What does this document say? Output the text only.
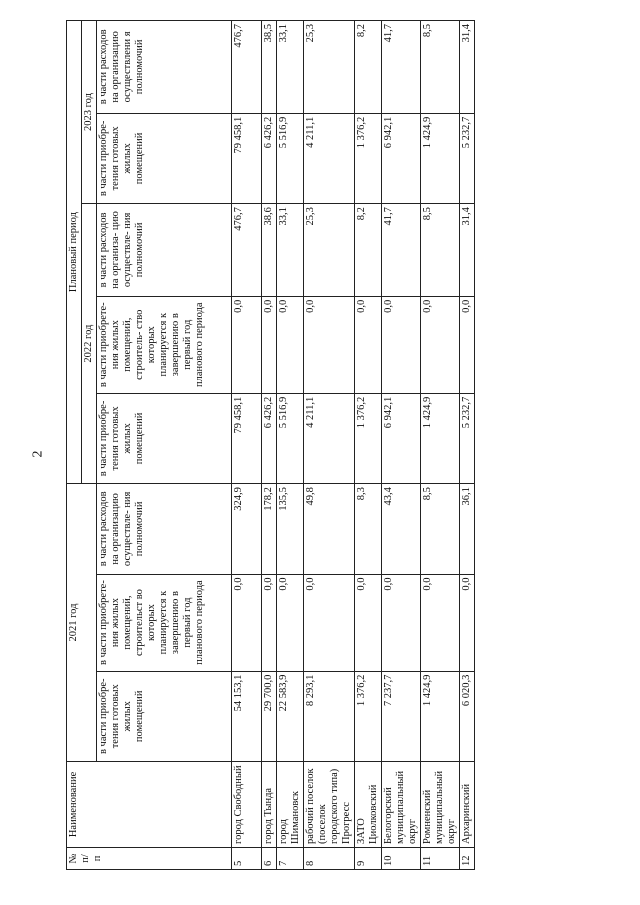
2
№ п/ п	Наименование	2021 год			Плановый период				
					2022 год			2023 год	
		в части приобре- тения готовых жилых помещений	в части приобрете- ния жилых помещений, строительст во которых планируется к завершению в первый год планового периода	в части расходов на организацию осуществле- ния полномочий	в части приобре- тения готовых жилых помещений	в части приобрете- ния жилых помещений, строитель- ство которых планируется к завершению в первый год планового периода	в части расходов на организа- цию осуществле- ния полномочий	в части приобре- тения готовых жилых помещений	в части расходов на организацию осуществлени я полномочий
5	город Свободный	54 153,1	0,0	324,9	79 458,1	0,0	476,7	79 458,1	476,7
6	город Тында	29 700,0	0,0	178,2	6 426,2	0,0	38,6	6 426,2	38,5
7	город Шимановск	22 583,9	0,0	135,5	5 516,9	0,0	33,1	5 516,9	33,1
8	рабочий поселок (поселок городского типа) Прогресс	8 293,1	0,0	49,8	4 211,1	0,0	25,3	4 211,1	25,3
9	ЗАТО Циолковский	1 376,2	0,0	8,3	1 376,2	0,0	8,2	1 376,2	8,2
10	Белогорский муниципальный округ	7 237,7	0,0	43,4	6 942,1	0,0	41,7	6 942,1	41,7
11	Ромненский муниципальный округ	1 424,9	0,0	8,5	1 424,9	0,0	8,5	1 424,9	8,5
12	Архаринский	6 020,3	0,0	36,1	5 232,7	0,0	31,4	5 232,7	31,4
